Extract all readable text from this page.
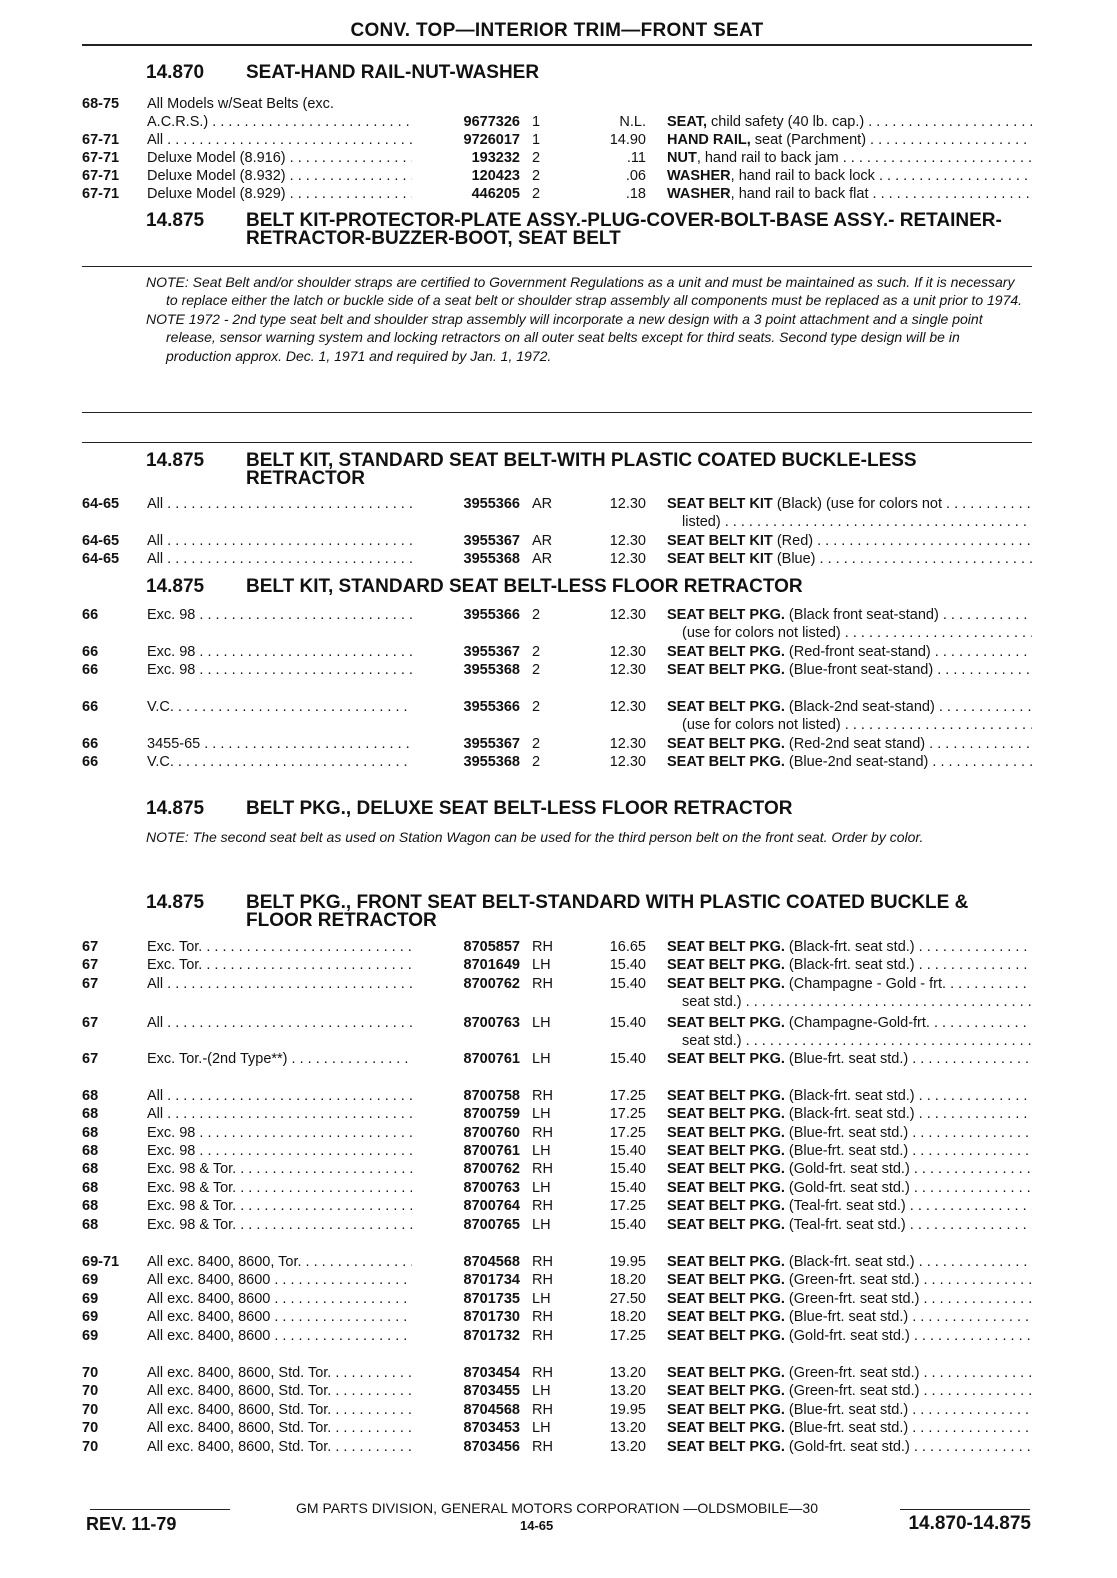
CONV. TOP—INTERIOR TRIM—FRONT SEAT
14.870 SEAT-HAND RAIL-NUT-WASHER
14.875 BELT KIT-PROTECTOR-PLATE ASSY.-PLUG-COVER-BOLT-BASE ASSY.- RETAINER-RETRACTOR-BUZZER-BOOT, SEAT BELT

NOTE: Seat Belt and/or shoulder straps are certified to Government Regulations as a unit and must be maintained as such. If it is necessary to replace either the latch or buckle side of a seat belt or shoulder strap assembly all components must be replaced as a unit prior to 1974.

NOTE 1972 - 2nd type seat belt and shoulder strap assembly will incorporate a new design with a 3 point attachment and a single point release, sensor warning system and locking retractors on all outer seat belts except for third seats. Second type design will be in production approx. Dec. 1, 1971 and required by Jan. 1, 1972.

14.875 BELT KIT, STANDARD SEAT BELT-WITH PLASTIC COATED BUCKLE-LESS RETRACTOR
14.875 BELT KIT, STANDARD SEAT BELT-LESS FLOOR RETRACTOR
14.875 BELT PKG., DELUXE SEAT BELT-LESS FLOOR RETRACTOR

NOTE: The second seat belt as used on Station Wagon can be used for the third person belt on the front seat. Order by color.

14.875 BELT PKG., FRONT SEAT BELT-STANDARD WITH PLASTIC COATED BUCKLE & FLOOR RETRACTOR
68-75 All Models w/Seat Belts (exc.
A.C.R.S.) . . .	9677326 1	N.L. SEAT, child safety (40 lb. cap.) . . .
67-71 All . . .	9726017 1	14.90 HAND RAIL, seat (Parchment) . . .
67-71 Deluxe Model (8.916) . . .	193232 2	.11 NUT, hand rail to back jam . . .
67-71 Deluxe Model (8.932) . . .	120423 2	.06 WASHER, hand rail to back lock . . .
67-71 Deluxe Model (8.929) . . .	446205 2	.18 WASHER, hand rail to back flat . . .
64-65 All . . .	3955366 AR	12.30 SEAT BELT KIT (Black) (use for colors not . . .
listed) . . .
64-65 All . . .	3955367 AR	12.30 SEAT BELT KIT (Red) . . .
64-65 All . . .	3955368 AR	12.30 SEAT BELT KIT (Blue) . . .
66	Exc. 98 . . .	3955366 2	12.30 SEAT BELT PKG. (Black front seat-stand) . . .
(use for colors not listed) . . .
66	Exc. 98 . . .	3955367 2	12.30 SEAT BELT PKG. (Red-front seat-stand) . . .
66	Exc. 98 . . .	3955368 2	12.30 SEAT BELT PKG. (Blue-front seat-stand) . . .
66	V.C. . . .	3955366 2	12.30 SEAT BELT PKG. (Black-2nd seat-stand) . . .
(use for colors not listed) . . .
66	3455-65 . . .	3955367 2	12.30 SEAT BELT PKG. (Red-2nd seat stand) . . .
66	V.C. . . .	3955368 2	12.30 SEAT BELT PKG. (Blue-2nd seat-stand) . . .
67	Exc. Tor. . . .	8705857 RH	16.65 SEAT BELT PKG. (Black-frt. seat std.) . . .
67	Exc. Tor. . . .	8701649 LH	15.40 SEAT BELT PKG. (Black-frt. seat std.) . . .
67	All . . .	8700762 RH	15.40 SEAT BELT PKG. (Champagne - Gold - frt. . . .
seat std.) . . .
67	All . . .	8700763 LH	15.40 SEAT BELT PKG. (Champagne-Gold-frt. . . .
seat std.) . . .
67	Exc. Tor.-(2nd Type**) . . .	8700761 LH	15.40 SEAT BELT PKG. (Blue-frt. seat std.) . . .
68	All . . .	8700758 RH	17.25 SEAT BELT PKG. (Black-frt. seat std.) . . .
68	All . . .	8700759 LH	17.25 SEAT BELT PKG. (Black-frt. seat std.) . . .
68	Exc. 98 . . .	8700760 RH	17.25 SEAT BELT PKG. (Blue-frt. seat std.) . . .
68	Exc. 98 . . .	8700761 LH	15.40 SEAT BELT PKG. (Blue-frt. seat std.) . . .
68	Exc. 98 & Tor. . . .	8700762 RH	15.40 SEAT BELT PKG. (Gold-frt. seat std.) . . .
68	Exc. 98 & Tor. . . .	8700763 LH	15.40 SEAT BELT PKG. (Gold-frt. seat std.) . . .
68	Exc. 98 & Tor. . . .	8700764 RH	17.25 SEAT BELT PKG. (Teal-frt. seat std.) . . .
68	Exc. 98 & Tor. . . .	8700765 LH	15.40 SEAT BELT PKG. (Teal-frt. seat std.) . . .
69-71 All exc. 8400, 8600, Tor. . . .	8704568 RH	19.95 SEAT BELT PKG. (Black-frt. seat std.) . . .
69	All exc. 8400, 8600 . . .	8701734 RH	18.20 SEAT BELT PKG. (Green-frt. seat std.) . . .
69	All exc. 8400, 8600 . . .	8701735 LH	27.50 SEAT BELT PKG. (Green-frt. seat std.) . . .
69	All exc. 8400, 8600 . . .	8701730 RH	18.20 SEAT BELT PKG. (Blue-frt. seat std.) . . .
69	All exc. 8400, 8600 . . .	8701732 RH	17.25 SEAT BELT PKG. (Gold-frt. seat std.) . . .
70	All exc. 8400, 8600, Std. Tor. . . .	8703454 RH	13.20 SEAT BELT PKG. (Green-frt. seat std.) . . .
70	All exc. 8400, 8600, Std. Tor. . . .	8703455 LH	13.20 SEAT BELT PKG. (Green-frt. seat std.) . . .
70	All exc. 8400, 8600, Std. Tor. . . .	8704568 RH	19.95 SEAT BELT PKG. (Blue-frt. seat std.) . . .
70	All exc. 8400, 8600, Std. Tor. . . .	8703453 LH	13.20 SEAT BELT PKG. (Blue-frt. seat std.) . . .
70	All exc. 8400, 8600, Std. Tor. . . .	8703456 RH	13.20 SEAT BELT PKG. (Gold-frt. seat std.) . . .
GM PARTS DIVISION, GENERAL MOTORS CORPORATION —OLDSMOBILE—30
REV. 11-79	14-65	14.870-14.875
